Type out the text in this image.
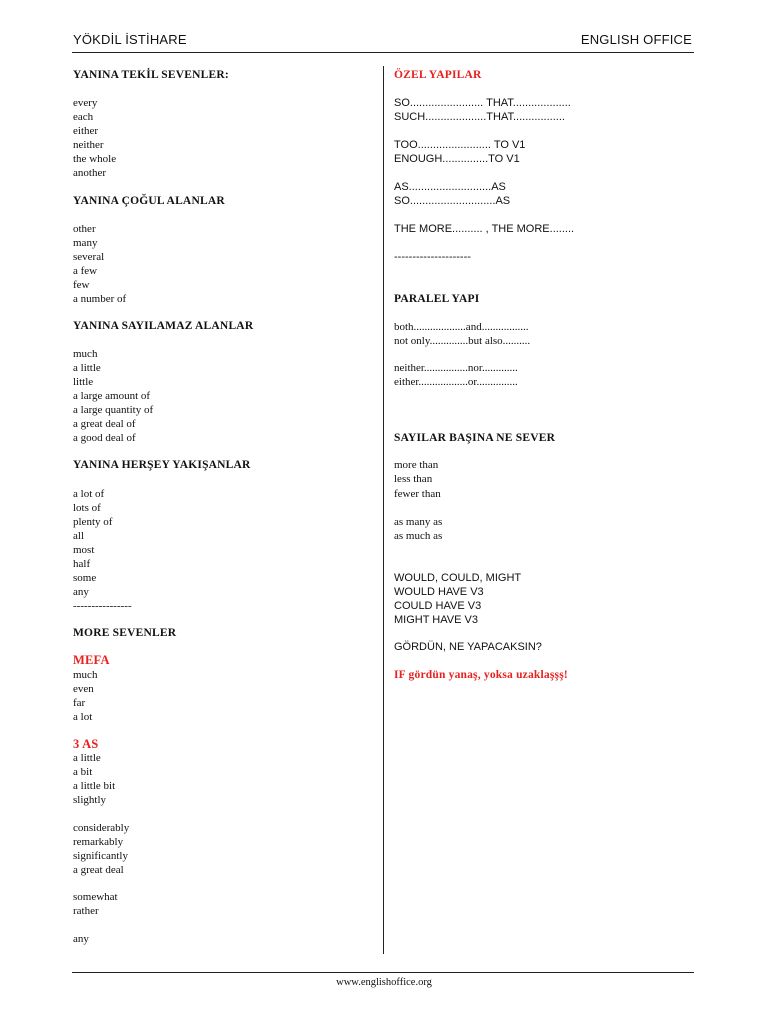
YÖKDİL İSTİHARE	ENGLISH OFFICE
www.englishoffice.org
YANINA TEKİL SEVENLER:
every
each
either
neither
the whole
another
YANINA ÇOĞUL ALANLAR
other
many
several
a few
few
a number of
YANINA SAYILAMAZ ALANLAR
much
a little
little
a large amount of
a large quantity of
a great deal of
a good deal of
YANINA HERŞEY YAKIŞANLAR
a lot of
lots of
plenty of
all
most
half
some
any
----------------
MORE SEVENLER
MEFA
much
even
far
a lot
3 AS
a little
a bit
a little bit
slightly
considerably
remarkably
significantly
a great deal
somewhat
rather
any
ÖZEL YAPILAR
SO........................ THAT...................
SUCH....................THAT.................
TOO........................ TO V1
ENOUGH...............TO V1
AS...........................AS
SO............................AS
THE MORE.......... , THE MORE........
---------------------
PARALEL YAPI
both...................and.................
not only..............but also..........
neither................nor.............
either..................or...............
SAYILAR BAŞINA NE SEVER
more than
less than
fewer than
as many as
as much as
WOULD, COULD, MIGHT
WOULD HAVE V3
COULD HAVE V3
MIGHT HAVE V3
GÖRDÜN, NE YAPACAKSIN?
IF gördün yanaş, yoksa uzaklaşşş!
